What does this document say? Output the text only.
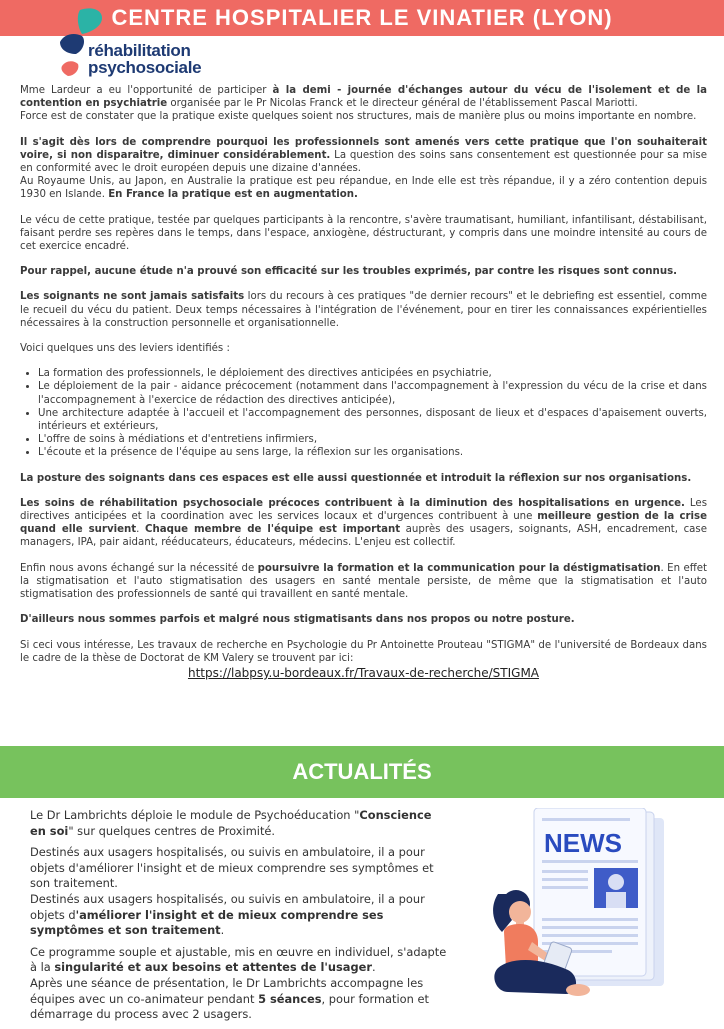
CENTRE HOSPITALIER LE VINATIER (LYON)
réhabilitation
psychosociale

Mme Lardeur a eu l'opportunité de participer à la demi - journée d'échanges autour du vécu de l'isolement et de la contention en psychiatrie organisée par le Pr Nicolas Franck et le directeur général de l'établissement Pascal Mariotti.

Force est de constater que la pratique existe quelques soient nos structures, mais de manière plus ou moins importante en nombre.

Il s'agit dès lors de comprendre pourquoi les professionnels sont amenés vers cette pratique que l'on souhaiterait voire, si non disparaitre, diminuer considérablement. La question des soins sans consentement est questionnée pour sa mise en conformité avec le droit européen depuis une dizaine d'années.

Au Royaume Unis, au Japon, en Australie la pratique est peu répandue, en Inde elle est très répandue, il y a zéro contention depuis 1930 en Islande. En France la pratique est en augmentation.

Le vécu de cette pratique, testée par quelques participants à la rencontre, s'avère traumatisant, humiliant, infantilisant, déstabilisant, faisant perdre ses repères dans le temps, dans l'espace, anxiogène, déstructurant, y compris dans une moindre intensité au cours de cet exercice encadré.

Pour rappel, aucune étude n'a prouvé son efficacité sur les troubles exprimés, par contre les risques sont connus.

Les soignants ne sont jamais satisfaits lors du recours à ces pratiques "de dernier recours" et le debriefing est essentiel, comme le recueil du vécu du patient. Deux temps nécessaires à l'intégration de l'événement, pour en tirer les connaissances expérientielles nécessaires à la construction personnelle et organisationnelle.

Voici quelques uns des leviers identifiés :

• La formation des professionnels, le déploiement des directives anticipées en psychiatrie,
• Le déploiement de la pair - aidance précocement (notamment dans l'accompagnement à l'expression du vécu de la crise et dans l'accompagnement à l'exercice de rédaction des directives anticipée),
• Une architecture adaptée à l'accueil et l'accompagnement des personnes, disposant de lieux et d'espaces d'apaisement ouverts, intérieurs et extérieurs,
• L'offre de soins à médiations et d'entretiens infirmiers,
• L'écoute et la présence de l'équipe au sens large, la réflexion sur les organisations.

La posture des soignants dans ces espaces est elle aussi questionnée et introduit la réflexion sur nos organisations.

Les soins de réhabilitation psychosociale précoces contribuent à la diminution des hospitalisations en urgence. Les directives anticipées et la coordination avec les services locaux et d'urgences contribuent à une meilleure gestion de la crise quand elle survient. Chaque membre de l'équipe est important auprès des usagers, soignants, ASH, encadrement, case managers, IPA, pair aidant, rééducateurs, éducateurs, médecins. L'enjeu est collectif.

Enfin nous avons échangé sur la nécessité de poursuivre la formation et la communication pour la déstigmatisation. En effet la stigmatisation et l'auto stigmatisation des usagers en santé mentale persiste, de même que la stigmatisation et l'auto stigmatisation des professionnels de santé qui travaillent en santé mentale.

D'ailleurs nous sommes parfois et malgré nous stigmatisants dans nos propos ou notre posture.

Si ceci vous intéresse, Les travaux de recherche en Psychologie du Pr Antoinette Prouteau "STIGMA" de l'université de Bordeaux dans le cadre de la thèse de Doctorat de KM Valery se trouvent par ici:

https://labpsy.u-bordeaux.fr/Travaux-de-recherche/STIGMA
ACTUALITÉS

Le Dr Lambrichts déploie le module de Psychoéducation "Conscience en soi" sur quelques centres de Proximité.

Destinés aux usagers hospitalisés, ou suivis en ambulatoire, il a pour objets d'améliorer l'insight et de mieux comprendre ses symptômes et son traitement.

Destinés aux usagers hospitalisés, ou suivis en ambulatoire, il a pour objets d'améliorer l'insight et de mieux comprendre ses symptômes et son traitement.

Ce programme souple et ajustable, mis en œuvre en individuel, s'adapte à la singularité et aux besoins et attentes de l'usager.

Après une séance de présentation, le Dr Lambrichts accompagne les équipes avec un co-animateur pendant 5 séances, pour formation et démarrage du process avec 2 usagers.

NEWS
